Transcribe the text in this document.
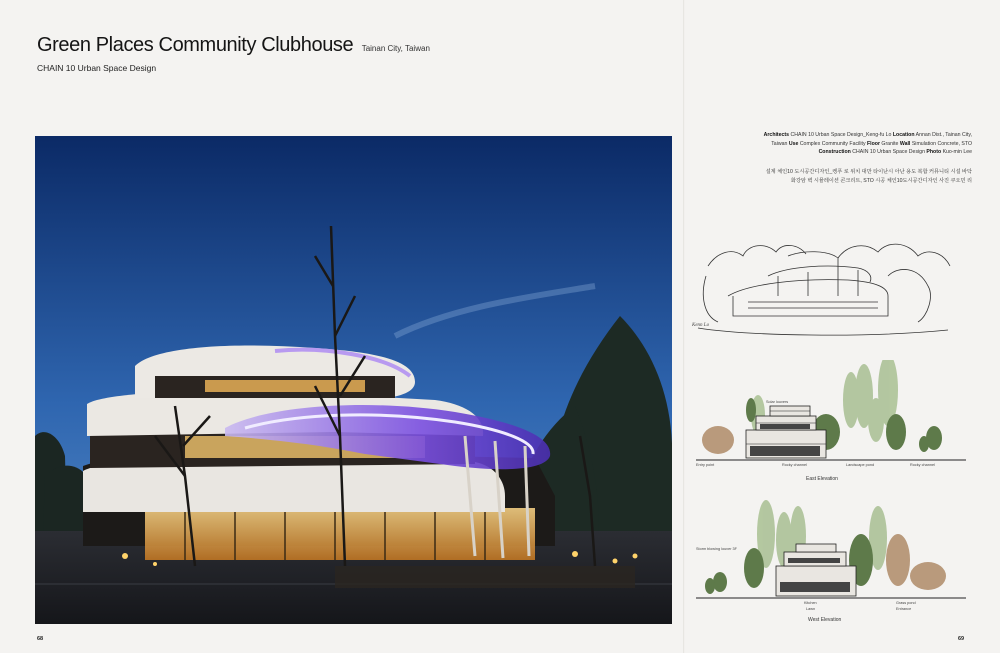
Green Places Community Clubhouse Tainan City, Taiwan
CHAIN 10 Urban Space Design
Architects CHAIN 10 Urban Space Design_Keng-fu Lo Location Annan Dist., Tainan City, Taiwan Use Complex Community Facility Floor Granite Wall Simulation Concrete, STO Construction CHAIN 10 Urban Space Design Photo Kuo-min Lee
설계 체인10 도시공간디자인_켕푸 로 위치 대만 타이난시 아난 용도 복합 커뮤니티 시설 바닥
화강암 벽 시뮬레이션 콘크리트, STO 시공 체인10도시공간디자인 사진 쿠오민 리
Kenn Lo
Solar louvers
Entry point	Rocky channel	Landscape pond	Rocky channel
East Elevation
Storm blowing louver 3F
Kitchen
Lawn
Grass pond
Entrance
West Elevation
68	69
